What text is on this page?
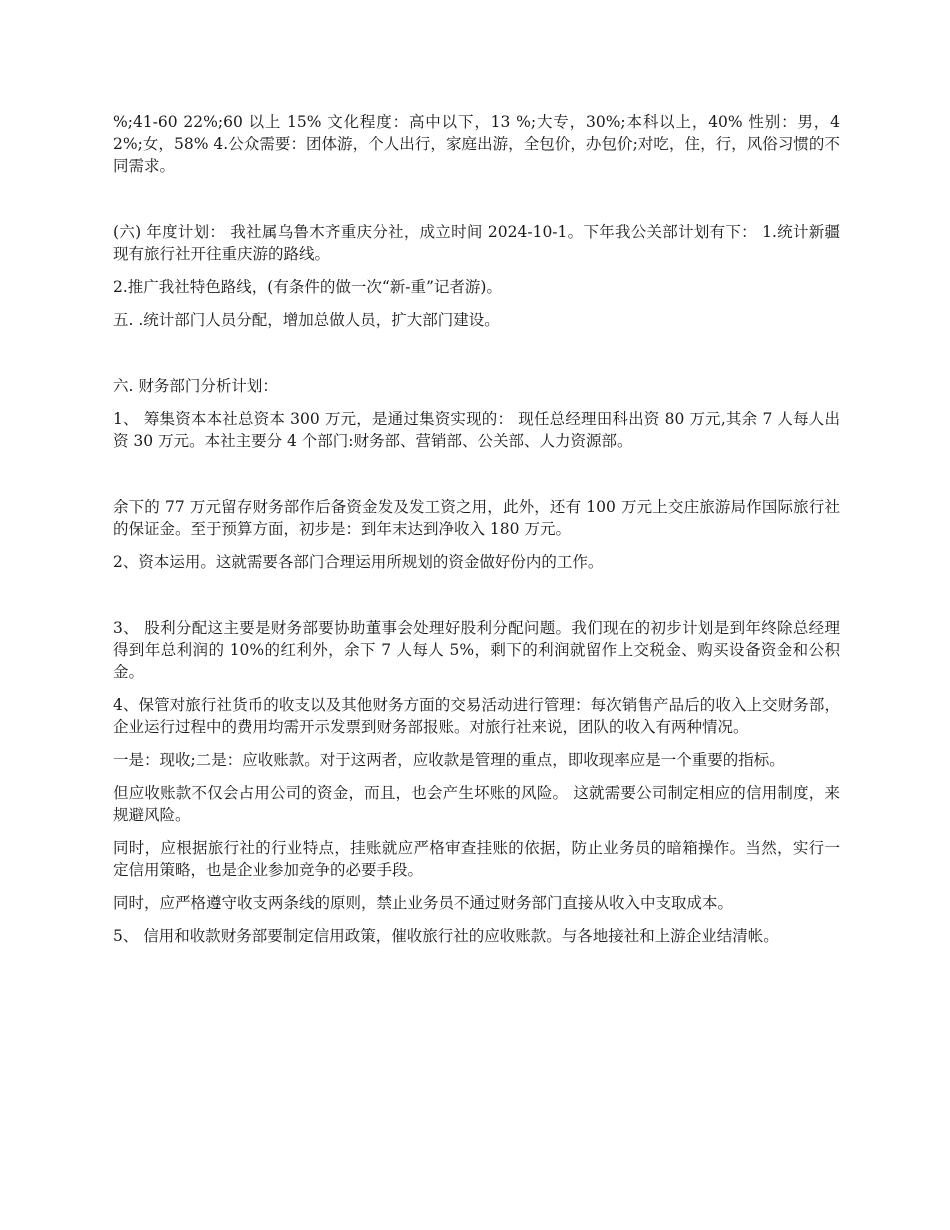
%;41-60 22%;60 以上 15% 文化程度：高中以下，13 %;大专，30%;本科以上，40% 性别：男，42%;女，58% 4.公众需要：团体游，个人出行，家庭出游，全包价，办包价;对吃，住，行，风俗习惯的不同需求。

(六) 年度计划： 我社属乌鲁木齐重庆分社，成立时间 2024-10-1。下年我公关部计划有下： 1.统计新疆现有旅行社开往重庆游的路线。

2.推广我社特色路线，(有条件的做一次“新-重”记者游)。

五. .统计部门人员分配，增加总做人员，扩大部门建设。

六. 财务部门分析计划：

1、 筹集资本本社总资本 300 万元，是通过集资实现的： 现任总经理田科出资 80 万元,其余 7 人每人出资 30 万元。本社主要分 4 个部门:财务部、营销部、公关部、人力资源部。

余下的 77 万元留存财务部作后备资金发及发工资之用，此外，还有 100 万元上交庄旅游局作国际旅行社的保证金。至于预算方面，初步是：到年末达到净收入 180 万元。

2、资本运用。这就需要各部门合理运用所规划的资金做好份内的工作。

3、 股利分配这主要是财务部要协助董事会处理好股利分配问题。我们现在的初步计划是到年终除总经理得到年总利润的 10%的红利外，余下 7 人每人 5%，剩下的利润就留作上交税金、购买设备资金和公积金。

4、保管对旅行社货币的收支以及其他财务方面的交易活动进行管理：每次销售产品后的收入上交财务部，企业运行过程中的费用均需开示发票到财务部报账。对旅行社来说，团队的收入有两种情况。

一是：现收;二是：应收账款。对于这两者，应收款是管理的重点，即收现率应是一个重要的指标。

但应收账款不仅会占用公司的资金，而且，也会产生坏账的风险。 这就需要公司制定相应的信用制度，来规避风险。

同时，应根据旅行社的行业特点，挂账就应严格审查挂账的依据，防止业务员的暗箱操作。当然，实行一定信用策略，也是企业参加竞争的必要手段。

同时，应严格遵守收支两条线的原则，禁止业务员不通过财务部门直接从收入中支取成本。

5、 信用和收款财务部要制定信用政策，催收旅行社的应收账款。与各地接社和上游企业结清帐。
